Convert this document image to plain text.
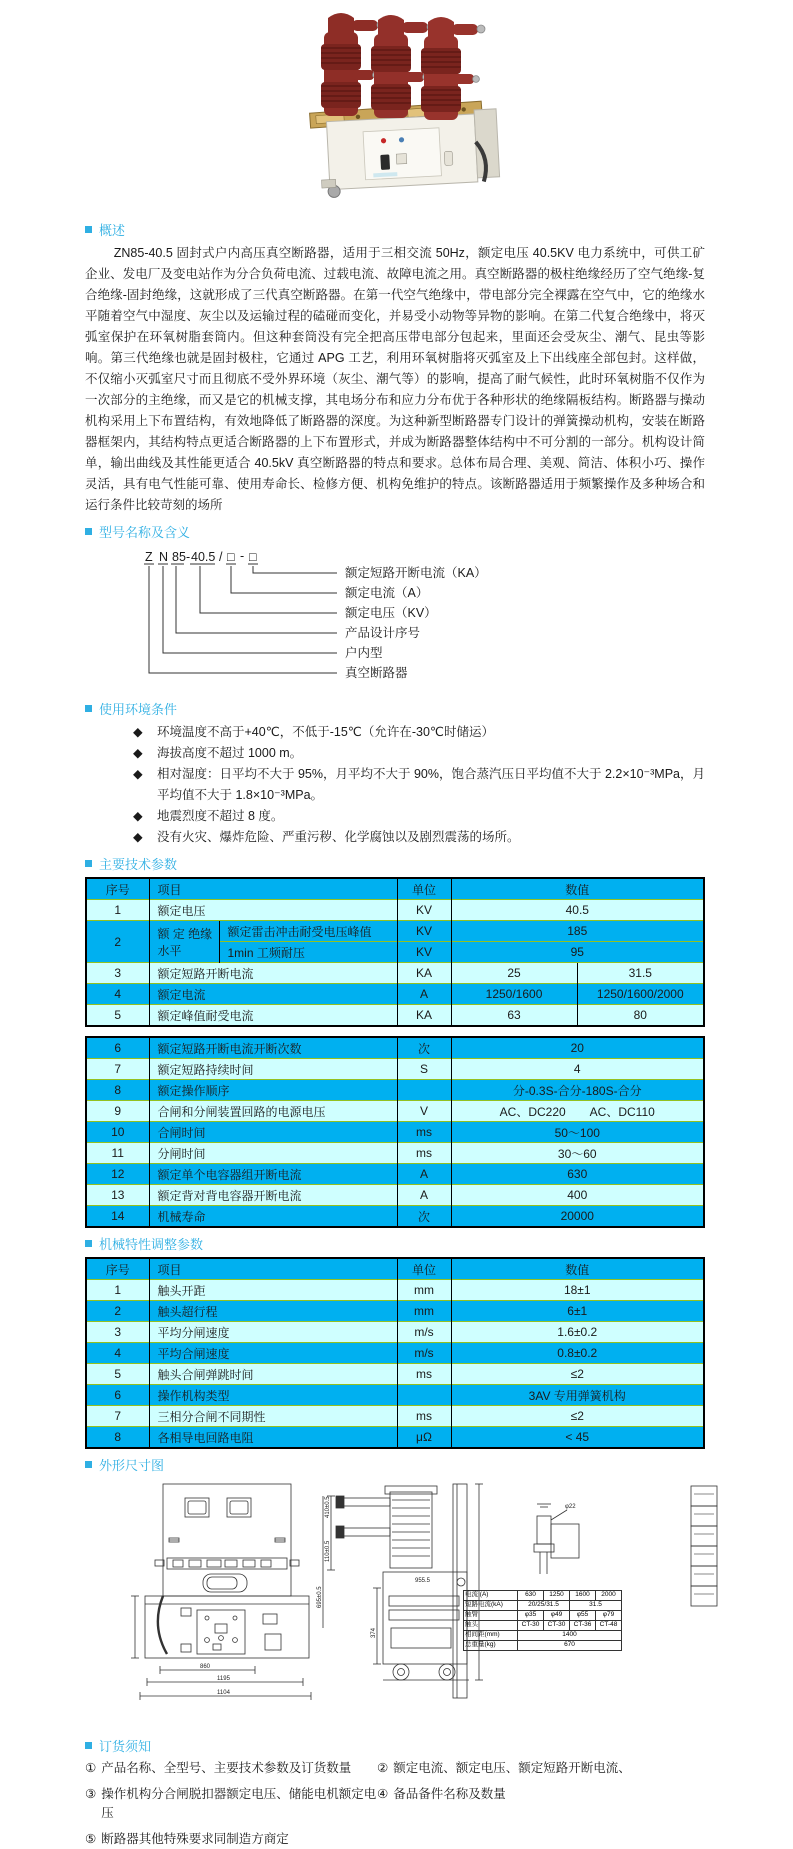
概述
ZN85-40.5 固封式户内高压真空断路器，适用于三相交流 50Hz，额定电压 40.5KV 电力系统中，可供工矿企业、发电厂及变电站作为分合负荷电流、过载电流、故障电流之用。真空断路器的极柱绝缘经历了空气绝缘-复合绝缘-固封绝缘，这就形成了三代真空断路器。在第一代空气绝缘中，带电部分完全裸露在空气中，它的绝缘水平随着空气中湿度、灰尘以及运输过程的磕碰而变化，并易受小动物等异物的影响。在第二代复合绝缘中，将灭弧室保护在环氧树脂套筒内。但这种套筒没有完全把高压带电部分包起来，里面还会受灰尘、潮气、昆虫等影响。第三代绝缘也就是固封极柱，它通过 APG 工艺，利用环氧树脂将灭弧室及上下出线座全部包封。这样做，不仅缩小灭弧室尺寸而且彻底不受外界环境（灰尘、潮气等）的影响，提高了耐气候性，此时环氧树脂不仅作为一次部分的主绝缘，而又是它的机械支撑，其电场分布和应力分布优于各种形状的绝缘隔板结构。断路器与操动机构采用上下布置结构，有效地降低了断路器的深度。为这种新型断路器专门设计的弹簧操动机构，安装在断路器框架内，其结构特点更适合断路器的上下布置形式，并成为断路器整体结构中不可分割的一部分。机构设计简单，输出曲线及其性能更适合 40.5kV 真空断路器的特点和要求。总体布局合理、美观、简洁、体积小巧、操作灵活，具有电气性能可靠、使用寿命长、检修方便、机构免维护的特点。该断路器适用于频繁操作及多种场合和运行条件比较苛刻的场所
型号名称及含义
Z N 85 - 40.5 / □ - □
额定短路开断电流（KA）
额定电流（A）
额定电压（KV）
产品设计序号
户内型
真空断路器
使用环境条件
◆	环境温度不高于+40℃，不低于-15℃（允许在-30℃时储运）
◆	海拔高度不超过 1000 m。
◆	相对湿度：日平均不大于 95%，月平均不大于 90%，饱合蒸汽压日平均值不大于 2.2×10⁻³MPa，月平均值不大于 1.8×10⁻³MPa。
◆	地震烈度不超过 8 度。
◆	没有火灾、爆炸危险、严重污秽、化学腐蚀以及剧烈震荡的场所。
主要技术参数
序号	项目		单位	数值	
1	额定电压		KV	40.5	
2	额 定 绝缘水平	额定雷击冲击耐受电压峰值	KV	185	
		1min 工频耐压	KV	95	
3	额定短路开断电流		KA	25	31.5
4	额定电流		A	1250/1600	1250/1600/2000
5	额定峰值耐受电流		KA	63	80
6	额定短路开断电流开断次数	次	20
7	额定短路持续时间	S	4
8	额定操作顺序		分-0.3S-合分-180S-合分
9	合闸和分闸装置回路的电源电压	V	AC、DC220　　AC、DC110
10	合闸时间	ms	50～100
11	分闸时间	ms	30～60
12	额定单个电容器组开断电流	A	630
13	额定背对背电容器开断电流	A	400
14	机械寿命	次	20000
机械特性调整参数
序号	项目	单位	数值
1	触头开距	mm	18±1
2	触头超行程	mm	6±1
3	平均分闸速度	m/s	1.6±0.2
4	平均合闸速度	m/s	0.8±0.2
5	触头合闸弹跳时间	ms	≤2
6	操作机构类型		3AV 专用弹簧机构
7	三相分合闸不同期性	ms	≤2
8	各相导电回路电阻	μΩ	< 45
外形尺寸图
860
1195
1104
410±0.5
110±0.5
695±0.5
955.5
374
φ22
电流 (A)	630	1250	1600	2000
短路电流(kA)	20/25/31.5		31.5	
触臂	φ35	φ49	φ55	φ79
触头	CT-30	CT-30	CT-36	CT-48
相间距(mm)	1400			
总重量(kg)	670			
订货须知
① 产品名称、全型号、主要技术参数及订货数量 ② 额定电流、额定电压、额定短路开断电流、
③ 操作机构分合闸脱扣器额定电压、储能电机额定电压
④ 备品备件名称及数量
⑤ 断路器其他特殊要求同制造方商定
